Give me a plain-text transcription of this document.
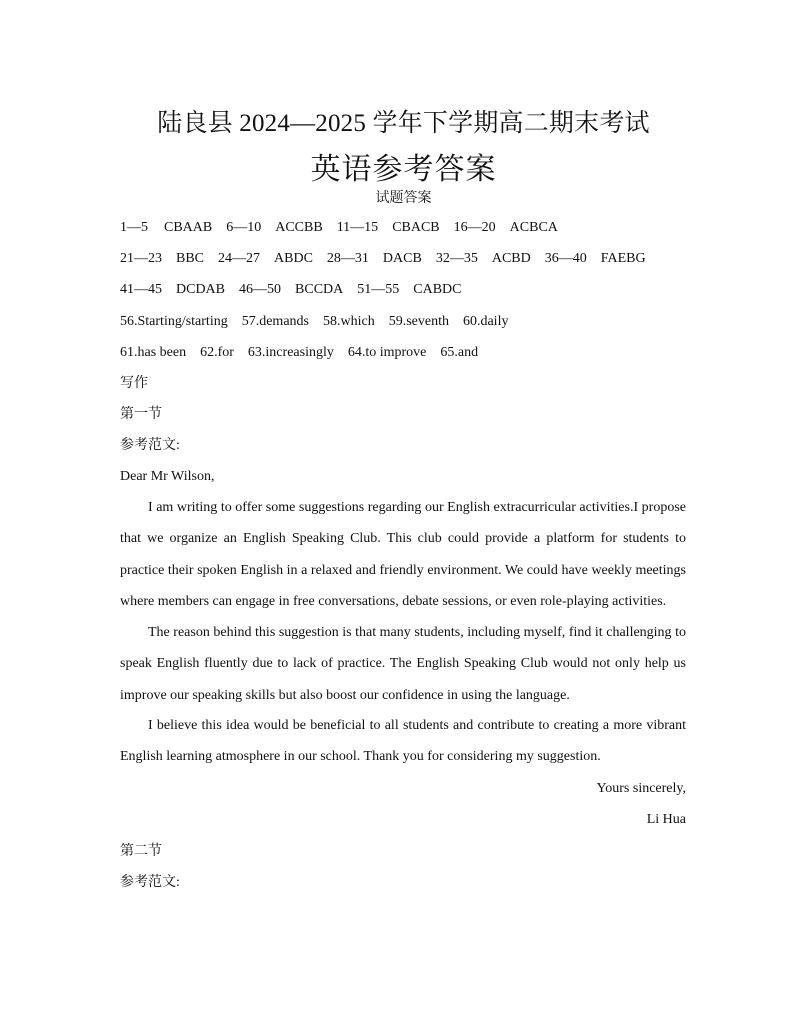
陆良县 2024—2025 学年下学期高二期末考试
英语参考答案
试题答案
1—5 CBAAB 6—10 ACCBB 11—15 CBACB 16—20 ACBCA
21—23 BBC 24—27 ABDC 28—31 DACB 32—35 ACBD 36—40 FAEBG
41—45 DCDAB 46—50 BCCDA 51—55 CABDC
56.Starting/starting 57.demands 58.which 59.seventh 60.daily
61.has been 62.for 63.increasingly 64.to improve 65.and
写作
第一节
参考范文:
Dear Mr Wilson,
I am writing to offer some suggestions regarding our English extracurricular activities.I propose that we organize an English Speaking Club. This club could provide a platform for students to practice their spoken English in a relaxed and friendly environment. We could have weekly meetings where members can engage in free conversations, debate sessions, or even role-playing activities.
The reason behind this suggestion is that many students, including myself, find it challenging to speak English fluently due to lack of practice. The English Speaking Club would not only help us improve our speaking skills but also boost our confidence in using the language.
I believe this idea would be beneficial to all students and contribute to creating a more vibrant English learning atmosphere in our school. Thank you for considering my suggestion.
Yours sincerely,
Li Hua
第二节
参考范文:
